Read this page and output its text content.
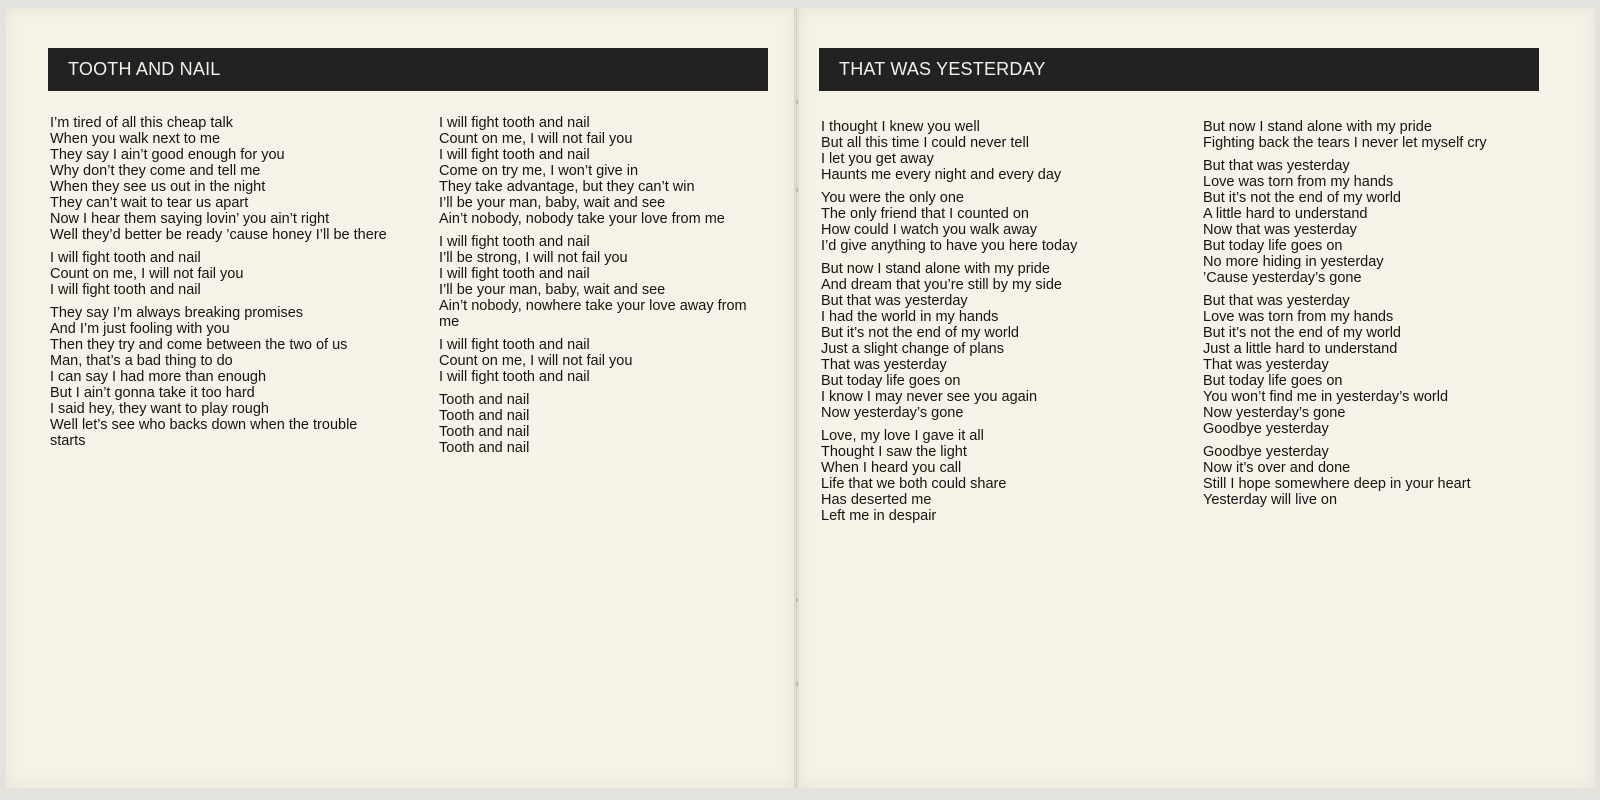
TOOTH AND NAIL
I’m tired of all this cheap talk
When you walk next to me
They say I ain’t good enough for you
Why don’t they come and tell me
When they see us out in the night
They can’t wait to tear us apart
Now I hear them saying lovin’ you ain’t right
Well they’d better be ready ’cause honey I’ll be there
I will fight tooth and nail
Count on me, I will not fail you
I will fight tooth and nail
They say I’m always breaking promises
And I’m just fooling with you
Then they try and come between the two of us
Man, that’s a bad thing to do
I can say I had more than enough
But I ain’t gonna take it too hard
I said hey, they want to play rough
Well let’s see who backs down when the trouble starts
I will fight tooth and nail
Count on me, I will not fail you
I will fight tooth and nail
Come on try me, I won’t give in
They take advantage, but they can’t win
I’ll be your man, baby, wait and see
Ain’t nobody, nobody take your love from me
I will fight tooth and nail
I’ll be strong, I will not fail you
I will fight tooth and nail
I’ll be your man, baby, wait and see
Ain’t nobody, nowhere take your love away from me
I will fight tooth and nail
Count on me, I will not fail you
I will fight tooth and nail
Tooth and nail
Tooth and nail
Tooth and nail
Tooth and nail
THAT WAS YESTERDAY
I thought I knew you well
But all this time I could never tell
I let you get away
Haunts me every night and every day
You were the only one
The only friend that I counted on
How could I watch you walk away
I’d give anything to have you here today
But now I stand alone with my pride
And dream that you’re still by my side
But that was yesterday
I had the world in my hands
But it’s not the end of my world
Just a slight change of plans
That was yesterday
But today life goes on
I know I may never see you again
Now yesterday’s gone
Love, my love I gave it all
Thought I saw the light
When I heard you call
Life that we both could share
Has deserted me
Left me in despair
But now I stand alone with my pride
Fighting back the tears I never let myself cry
But that was yesterday
Love was torn from my hands
But it’s not the end of my world
A little hard to understand
Now that was yesterday
But today life goes on
No more hiding in yesterday
’Cause yesterday’s gone
But that was yesterday
Love was torn from my hands
But it’s not the end of my world
Just a little hard to understand
That was yesterday
But today life goes on
You won’t find me in yesterday’s world
Now yesterday’s gone
Goodbye yesterday
Goodbye yesterday
Now it’s over and done
Still I hope somewhere deep in your heart
Yesterday will live on
